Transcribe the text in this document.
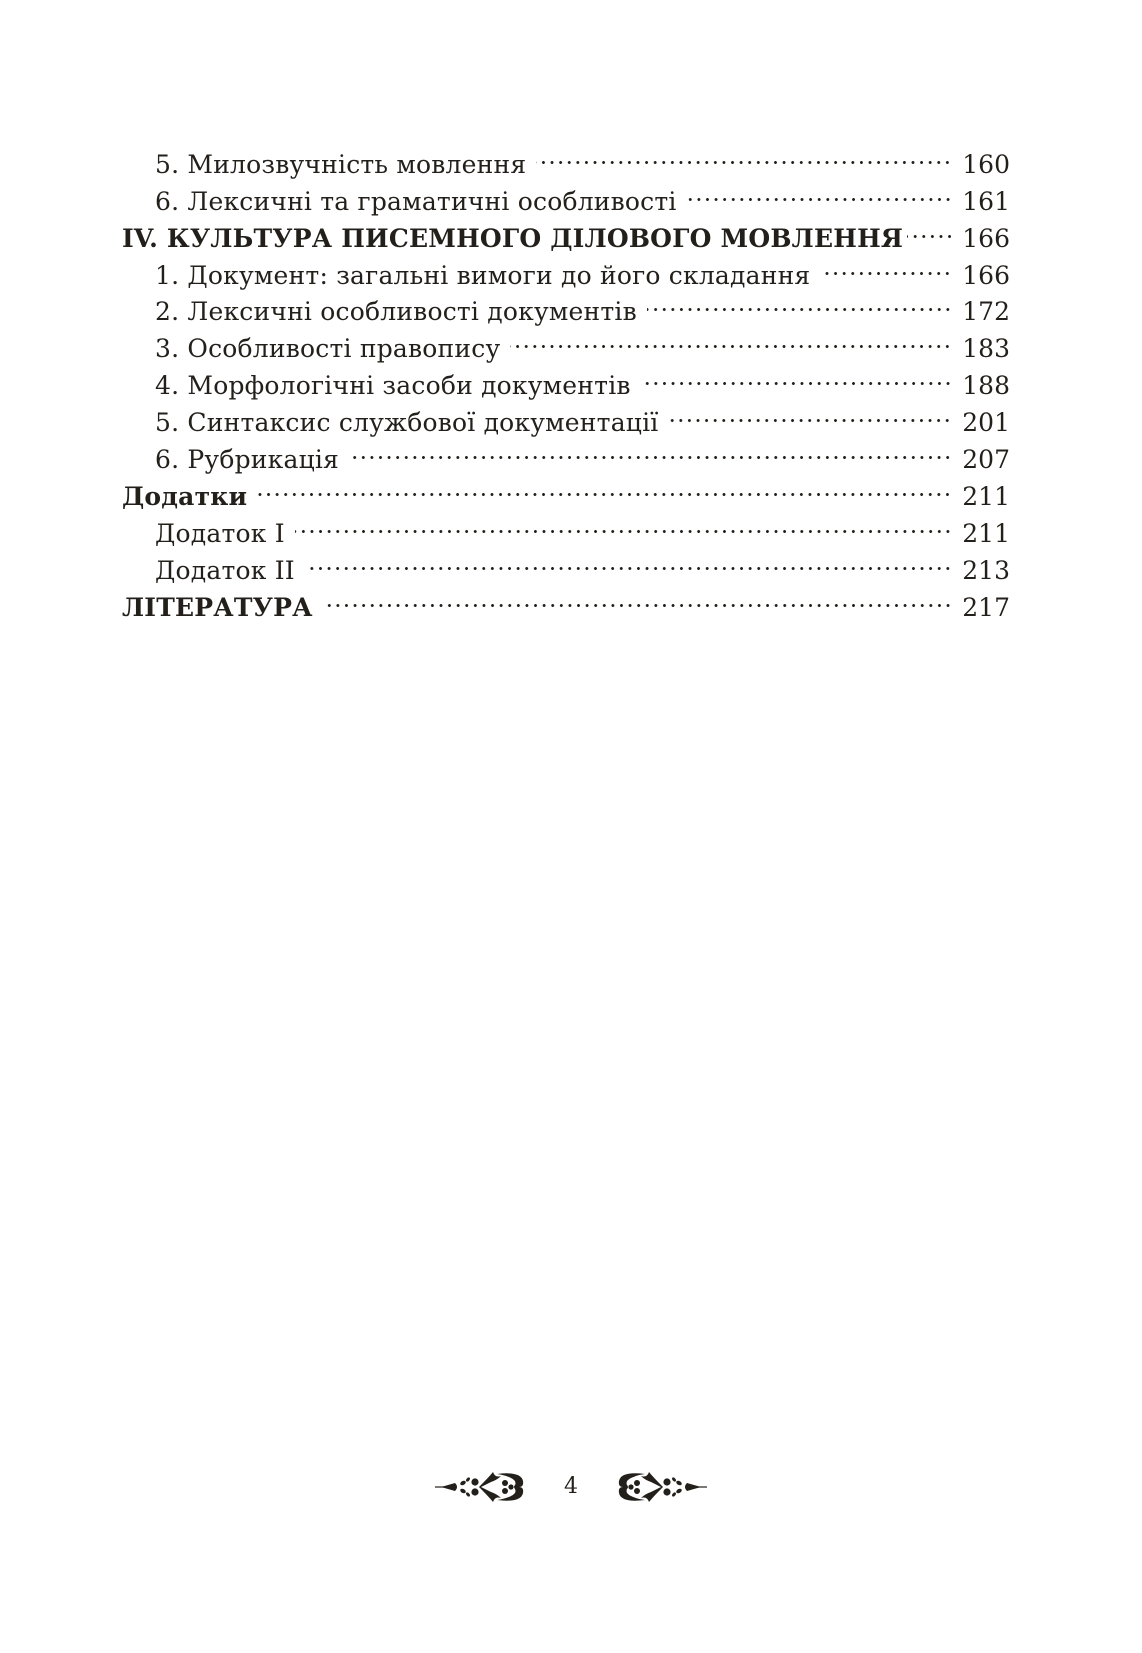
5. Милозвучність мовлення	160
6. Лексичні та граматичні особливості	161
IV. КУЛЬТУРА ПИСЕМНОГО ДІЛОВОГО МОВЛЕННЯ 166
1. Документ: загальні вимоги до його складання	166
2. Лексичні особливості документів	172
3. Особливості правопису	183
4. Морфологічні засоби документів	188
5. Синтаксис службової документації	201
6. Рубрикація	207
Додатки	211
Додаток I	211
Додаток II	213
ЛІТЕРАТУРА	217
4
